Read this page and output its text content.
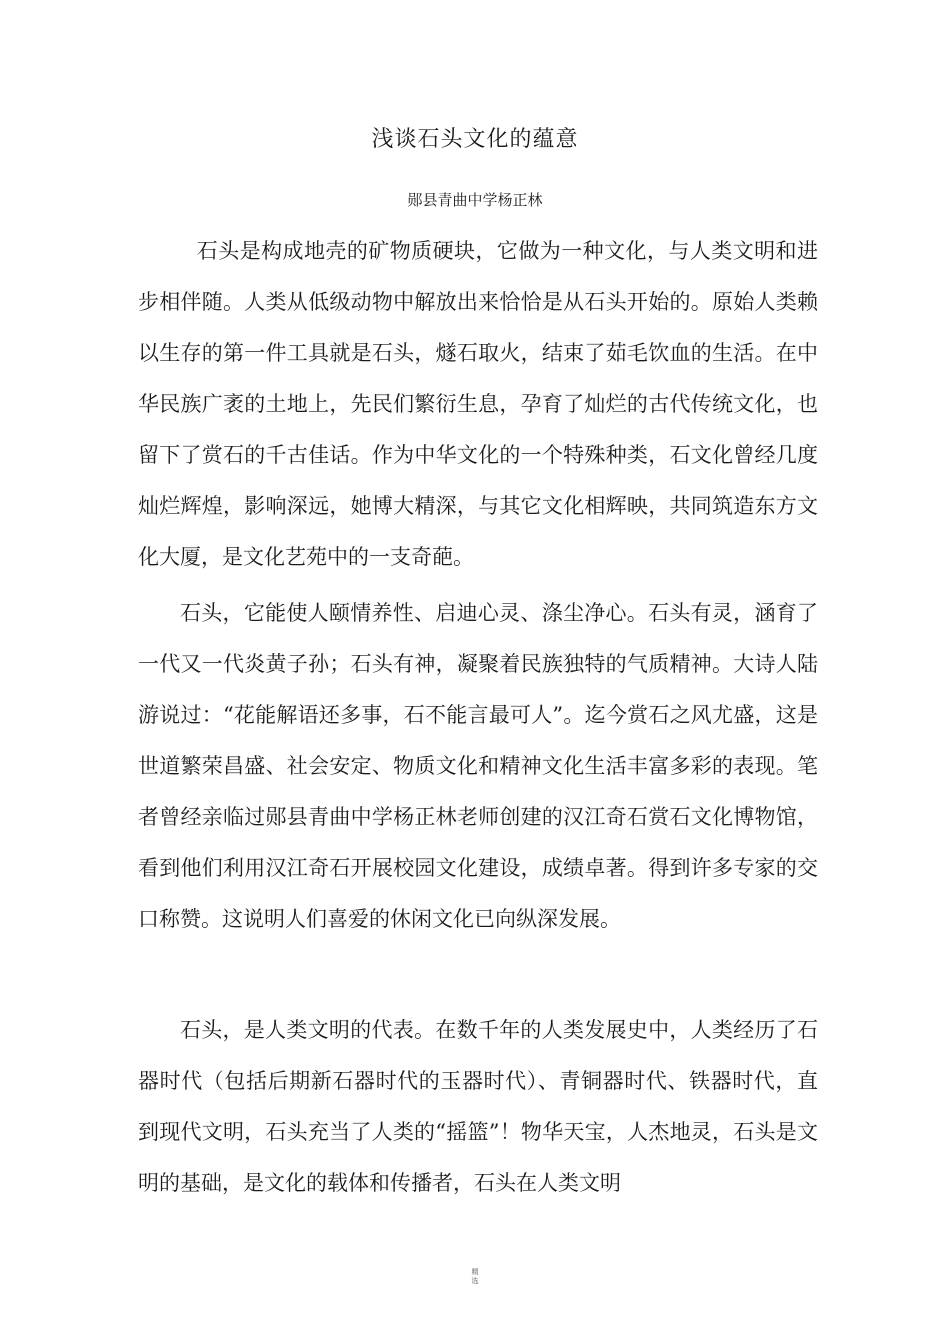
浅谈石头文化的蕴意
郧县青曲中学杨正林

石头是构成地壳的矿物质硬块，它做为一种文化，与人类文明和进步相伴随。人类从低级动物中解放出来恰恰是从石头开始的。原始人类赖以生存的第一件工具就是石头，燧石取火，结束了茹毛饮血的生活。在中华民族广袤的土地上，先民们繁衍生息，孕育了灿烂的古代传统文化，也留下了赏石的千古佳话。作为中华文化的一个特殊种类，石文化曾经几度灿烂辉煌，影响深远，她博大精深，与其它文化相辉映，共同筑造东方文化大厦，是文化艺苑中的一支奇葩。

石头，它能使人颐情养性、启迪心灵、涤尘净心。石头有灵，涵育了一代又一代炎黄子孙；石头有神，凝聚着民族独特的气质精神。大诗人陆游说过：“花能解语还多事，石不能言最可人”。迄今赏石之风尤盛，这是世道繁荣昌盛、社会安定、物质文化和精神文化生活丰富多彩的表现。笔者曾经亲临过郧县青曲中学杨正林老师创建的汉江奇石赏石文化博物馆，看到他们利用汉江奇石开展校园文化建设，成绩卓著。得到许多专家的交口称赞。这说明人们喜爱的休闲文化已向纵深发展。

石头，是人类文明的代表。在数千年的人类发展史中，人类经历了石器时代（包括后期新石器时代的玉器时代）、青铜器时代、铁器时代，直到现代文明，石头充当了人类的“摇篮”！物华天宝，人杰地灵，石头是文明的基础，是文化的载体和传播者，石头在人类文明

精
选
